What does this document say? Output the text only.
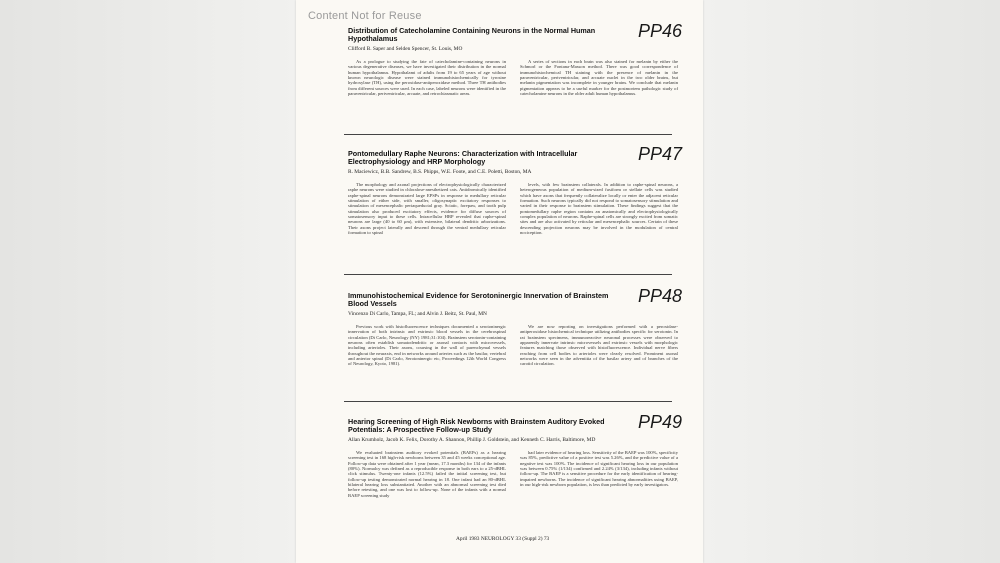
Content Not for Reuse
PP46
Distribution of Catecholamine Containing Neurons in the Normal Human Hypothalamus
Clifford B. Saper and Selden Spencer, St. Louis, MO

As a prologue to studying the fate of catecholamine-containing neurons in various degenerative diseases, we have investigated their distribution in the normal human hypothalamus. Hypothalami of adults from 19 to 65 years of age without known neurologic disease were stained immunohistochemically for tyrosine hydroxylase (TH), using the peroxidase-antiperoxidase method. Three TH antibodies from different sources were used. In each case, labeled neurons were identified in the paraventricular, periventricular, arcuate, and retrochiasmatic areas.

A series of sections in each brain was also stained for melanin by either the Schmorl or the Fontana-Masson method. There was good correspondence of immunohistochemical TH staining with the presence of melanin in the paraventricular, periventricular, and arcuate nuclei in the two older brains, but melanin pigmentation was incomplete in younger brains. We conclude that melanin pigmentation appears to be a useful marker for the postmortem pathologic study of catecholamine neurons in the older adult human hypothalamus.

PP47
Pontomedullary Raphe Neurons: Characterization with Intracellular Electrophysiology and HRP Morphology
R. Maciewicz, B.B. Sandrew, B.S. Phipps, W.E. Foote, and C.E. Poletti, Boston, MA

The morphology and axonal projections of electrophysiologically characterized raphe neurons were studied in chloralose-anesthetized cats. Antidromically identified raphe-spinal neurons demonstrated large EPSPs in response to medullary reticular stimulation of either side, with smaller, oligosynaptic excitatory responses to stimulation of mesencephalic periaqueductal gray. Sciatic, forepaw, and tooth pulp stimulation also produced excitatory effects, evidence for diffuse sources of somatosensory input to these cells. Intracellular HRP revealed that raphe-spinal neurons are large (40 to 60 μm), with extensive, bilateral dendritic arborizations. Their axons project laterally and descend through the ventral medullary reticular formation to spinal

levels, with few brainstem collaterals. In addition to raphe-spinal neurons, a heterogeneous population of medium-sized fusiform or stellate cells was studied which have axons that frequently collateralize locally or enter the adjacent reticular formation. Such neurons typically did not respond to somatosensory stimulation and varied in their response to brainstem stimulation. These findings suggest that the pontomedullary raphe region contains an anatomically and electrophysiologically complex population of neurons. Raphe-spinal cells are strongly excited from somatic sites and are also activated by reticular and mesencephalic sources. Certain of these descending projection neurons may be involved in the modulation of central nociception.

PP48
Immunohistochemical Evidence for Serotoninergic Innervation of Brainstem Blood Vessels
Vincenzo Di Carlo, Tampa, FL; and Alvin J. Beitz, St. Paul, MN

Previous work with histofluorescence techniques documented a serotoninergic innervation of both intrinsic and extrinsic blood vessels in the cerebrospinal circulation (Di Carlo, Neurology (NY) 1981;31:104). Brainstem serotonin-containing neurons often establish somatodendritic or axonal contacts with microvessels, including arterioles. Their axons, coursing in the wall of parenchymal vessels throughout the neuraxis, end in networks around arteries such as the basilar, vertebral and anterior spinal (Di Carlo, Serotoninergic etc, Proceedings 12th World Congress of Neurology, Kyoto, 1981).

We are now reporting on investigations performed with a peroxidase-antiperoxidase histochemical technique utilizing antibodies specific for serotonin. In rat brainstem specimens, immunoreactive neuronal processes were observed to apparently innervate intrinsic microvessels and extrinsic vessels with morphologic features matching those observed with histofluorescence. Individual nerve fibers reaching from cell bodies to arterioles were clearly resolved. Prominent axonal networks were seen in the adventitia of the basilar artery and of branches of the carotid circulation.

PP49
Hearing Screening of High Risk Newborns with Brainstem Auditory Evoked Potentials: A Prospective Follow-up Study
Allan Krumholz, Jacob K. Felix, Dorothy A. Shannon, Phillip J. Goldstein, and Kenneth C. Harris, Baltimore, MD

We evaluated brainstem auditory evoked potentials (BAEPs) as a hearing screening test in 168 high-risk newborns between 35 and 45 weeks conceptional age. Follow-up data were obtained after 1 year (mean, 17.3 months) for 134 of the infants (80%). Normalcy was defined as a reproducible response in both ears to a 25-dBHL click stimulus. Twenty-one infants (12.5%) failed the initial screening test, but follow-up testing demonstrated normal hearing in 18. One infant had an 80-dBHL bilateral hearing loss substantiated. Another with an abnormal screening test died before retesting, and one was lost to follow-up. None of the infants with a normal BAEP screening study

had later evidence of hearing loss. Sensitivity of the BAEP was 100%, specificity was 85%, predictive value of a positive test was 5.26%, and the predictive value of a negative test was 100%. The incidence of significant hearing loss in our population was between 0.75% (1/134) confirmed and 2.24% (3/134), including infants without follow-up. The BAEP is a sensitive procedure for the early identification of hearing-impaired newborns. The incidence of significant hearing abnormalities using BAEP, in our high-risk newborn population, is less than predicted by early investigators.

April 1983 NEUROLOGY 33 (Suppl 2) 73
